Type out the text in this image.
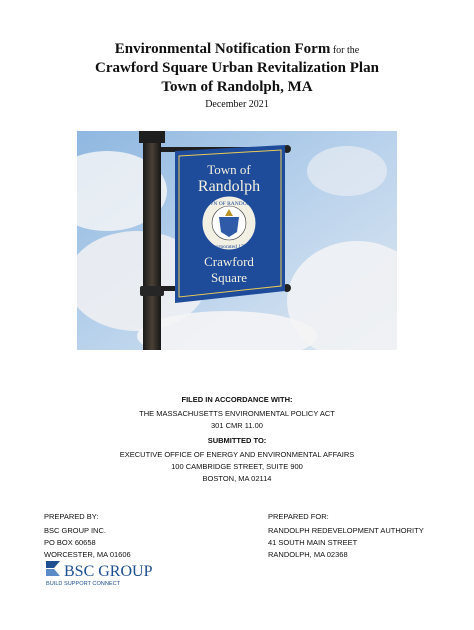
Environmental Notification Form for the
Crawford Square Urban Revitalization Plan
Town of Randolph, MA
December 2021
Town of
Randolph
TOWN OF RANDOLPH
Incorporated 1793
Crawford
Square
FILED IN ACCORDANCE WITH:
THE MASSACHUSETTS ENVIRONMENTAL POLICY ACT
301 CMR 11.00
SUBMITTED TO:
EXECUTIVE OFFICE OF ENERGY AND ENVIRONMENTAL AFFAIRS
100 CAMBRIDGE STREET, SUITE 900
BOSTON, MA 02114
PREPARED BY:
BSC GROUP INC.
PO BOX 60658
WORCESTER, MA 01606
PREPARED FOR:
RANDOLPH REDEVELOPMENT AUTHORITY
41 SOUTH MAIN STREET
RANDOLPH, MA 02368
BSC GROUP
BUILD SUPPORT CONNECT
